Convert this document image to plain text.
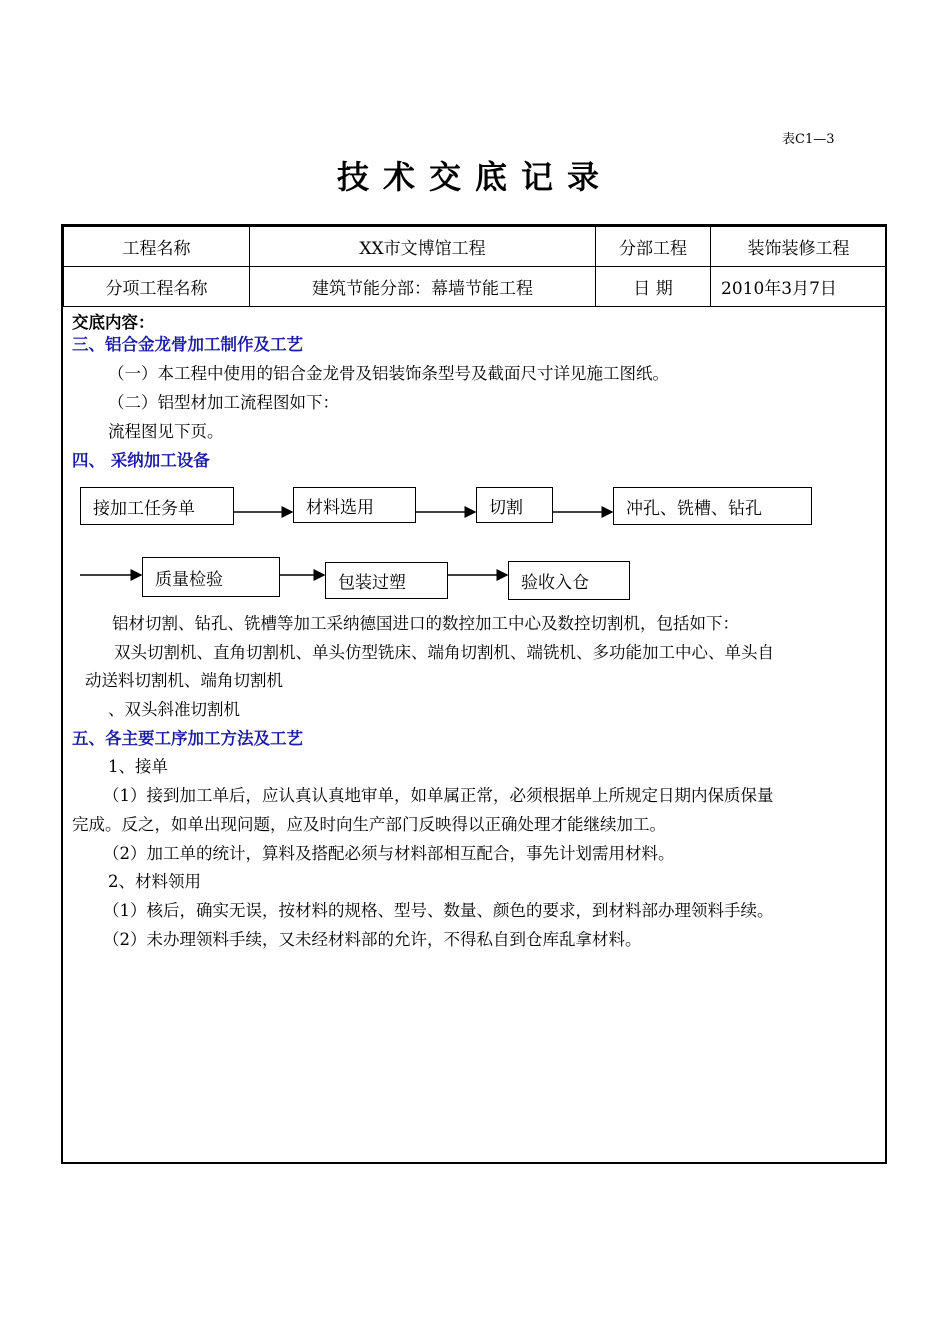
表C1—3
技术交底记录
工程名称	XX市文博馆工程	分部工程	装饰装修工程
分项工程名称	建筑节能分部：幕墙节能工程	日 期	2010年3月7日
交底内容：
三、铝合金龙骨加工制作及工艺
（一）本工程中使用的铝合金龙骨及铝装饰条型号及截面尺寸详见施工图纸。
（二）铝型材加工流程图如下：
流程图见下页。
四、 采纳加工设备
接加工任务单	材料选用	切割	冲孔、铣槽、钻孔
质量检验	包装过塑	验收入仓
铝材切割、钻孔、铣槽等加工采纳德国进口的数控加工中心及数控切割机，包括如下：
双头切割机、直角切割机、单头仿型铣床、端角切割机、端铣机、多功能加工中心、单头自
动送料切割机、端角切割机
、双头斜准切割机
五、各主要工序加工方法及工艺
1、接单
（1）接到加工单后，应认真认真地审单，如单属正常，必须根据单上所规定日期内保质保量
完成。反之，如单出现问题，应及时向生产部门反映得以正确处理才能继续加工。
（2）加工单的统计，算料及搭配必须与材料部相互配合，事先计划需用材料。
2、材料领用
（1）核后，确实无误，按材料的规格、型号、数量、颜色的要求，到材料部办理领料手续。
（2）未办理领料手续，又未经材料部的允许，不得私自到仓库乱拿材料。
